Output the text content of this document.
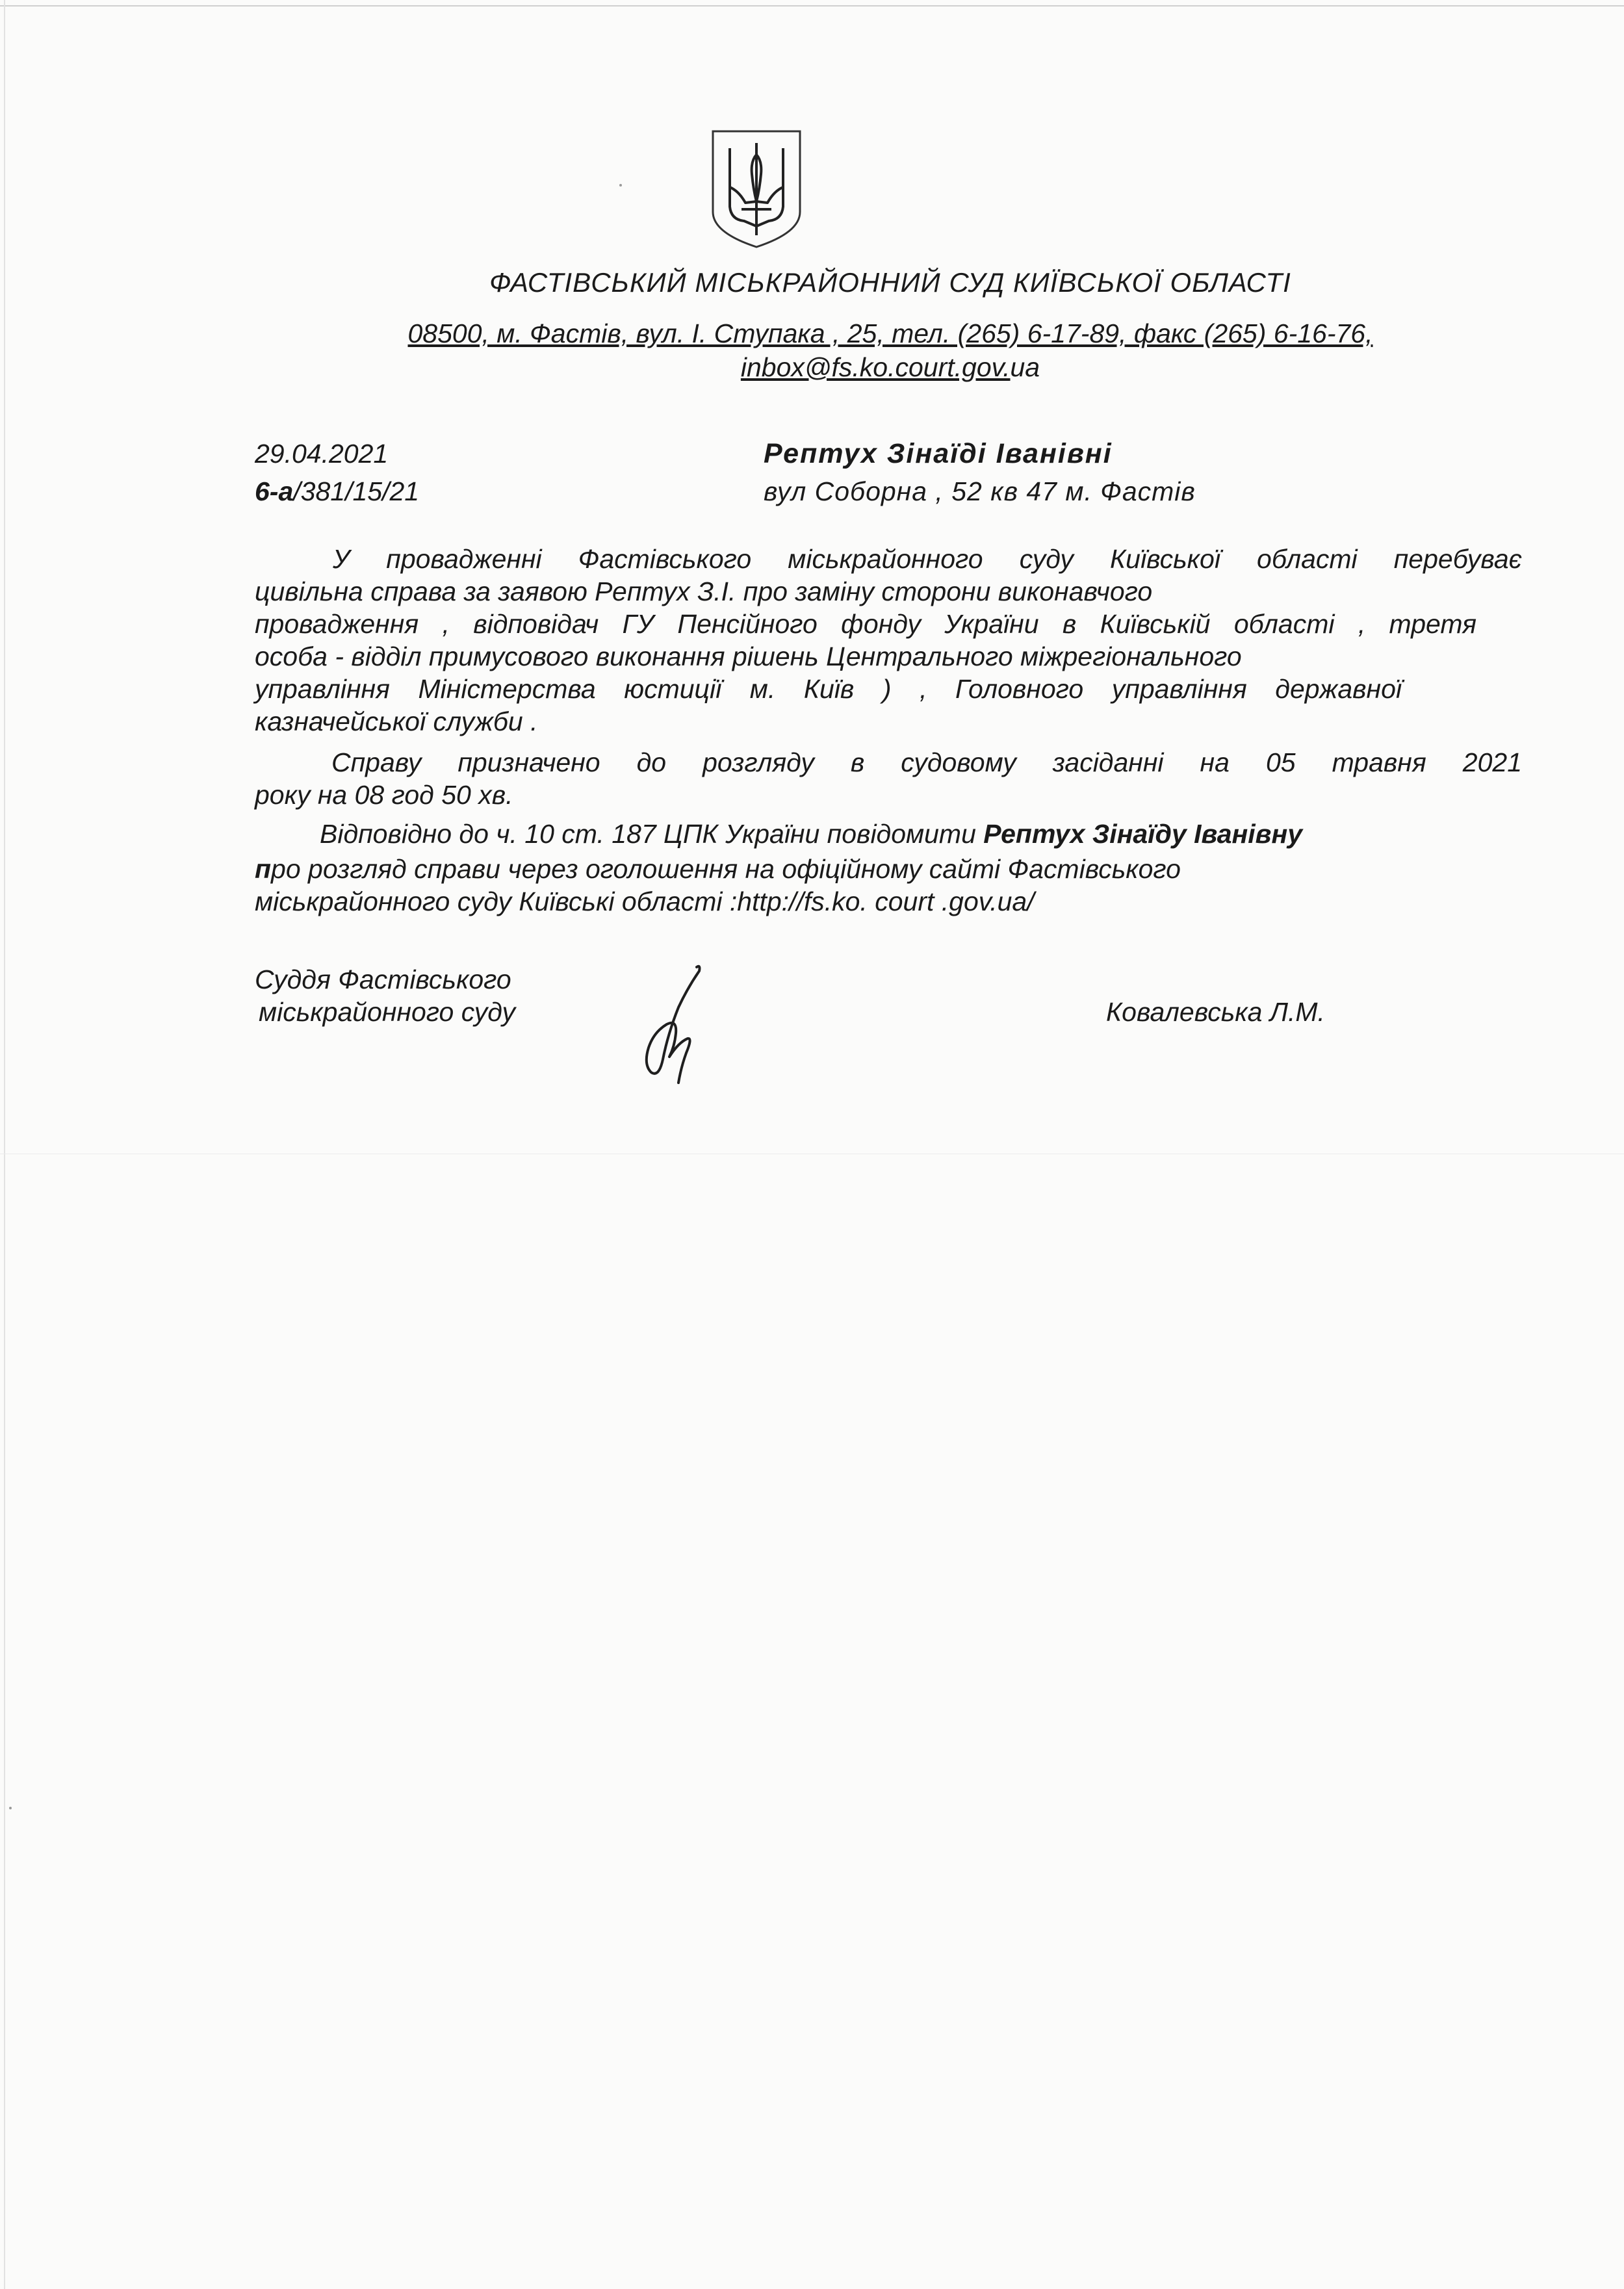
ФАСТІВСЬКИЙ МІСЬКРАЙОННИЙ СУД КИЇВСЬКОЇ ОБЛАСТІ
08500, м. Фастів, вул. І. Ступака , 25, тел. (265) 6-17-89, факс (265) 6-16-76,
inbox@fs.ko.court.gov.ua
29.04.2021
6-а/381/15/21
Рептух Зінаїді Іванівні
вул Соборна , 52 кв 47 м. Фастів
У провадженні Фастівського міськрайонного суду Київської області перебуває
цивільна справа за заявою Рептух З.І. про заміну сторони виконавчого
провадження , відповідач ГУ Пенсійного фонду України в Київській області , третя
особа - відділ примусового виконання рішень Центрального міжрегіонального
управління Міністерства юстиції м. Київ ) , Головного управління державної
казначейської служби .
Справу призначено до розгляду в судовому засіданні на 05 травня 2021
року на 08 год 50 хв.
Відповідно до ч. 10 ст. 187 ЦПК України повідомити Рептух Зінаїду Іванівну
про розгляд справи через оголошення на офіційному сайті Фастівського
міськрайонного суду Київські області :http://fs.ko. court .gov.ua/
Суддя Фастівського
міськрайонного суду	Ковалевська Л.М.
